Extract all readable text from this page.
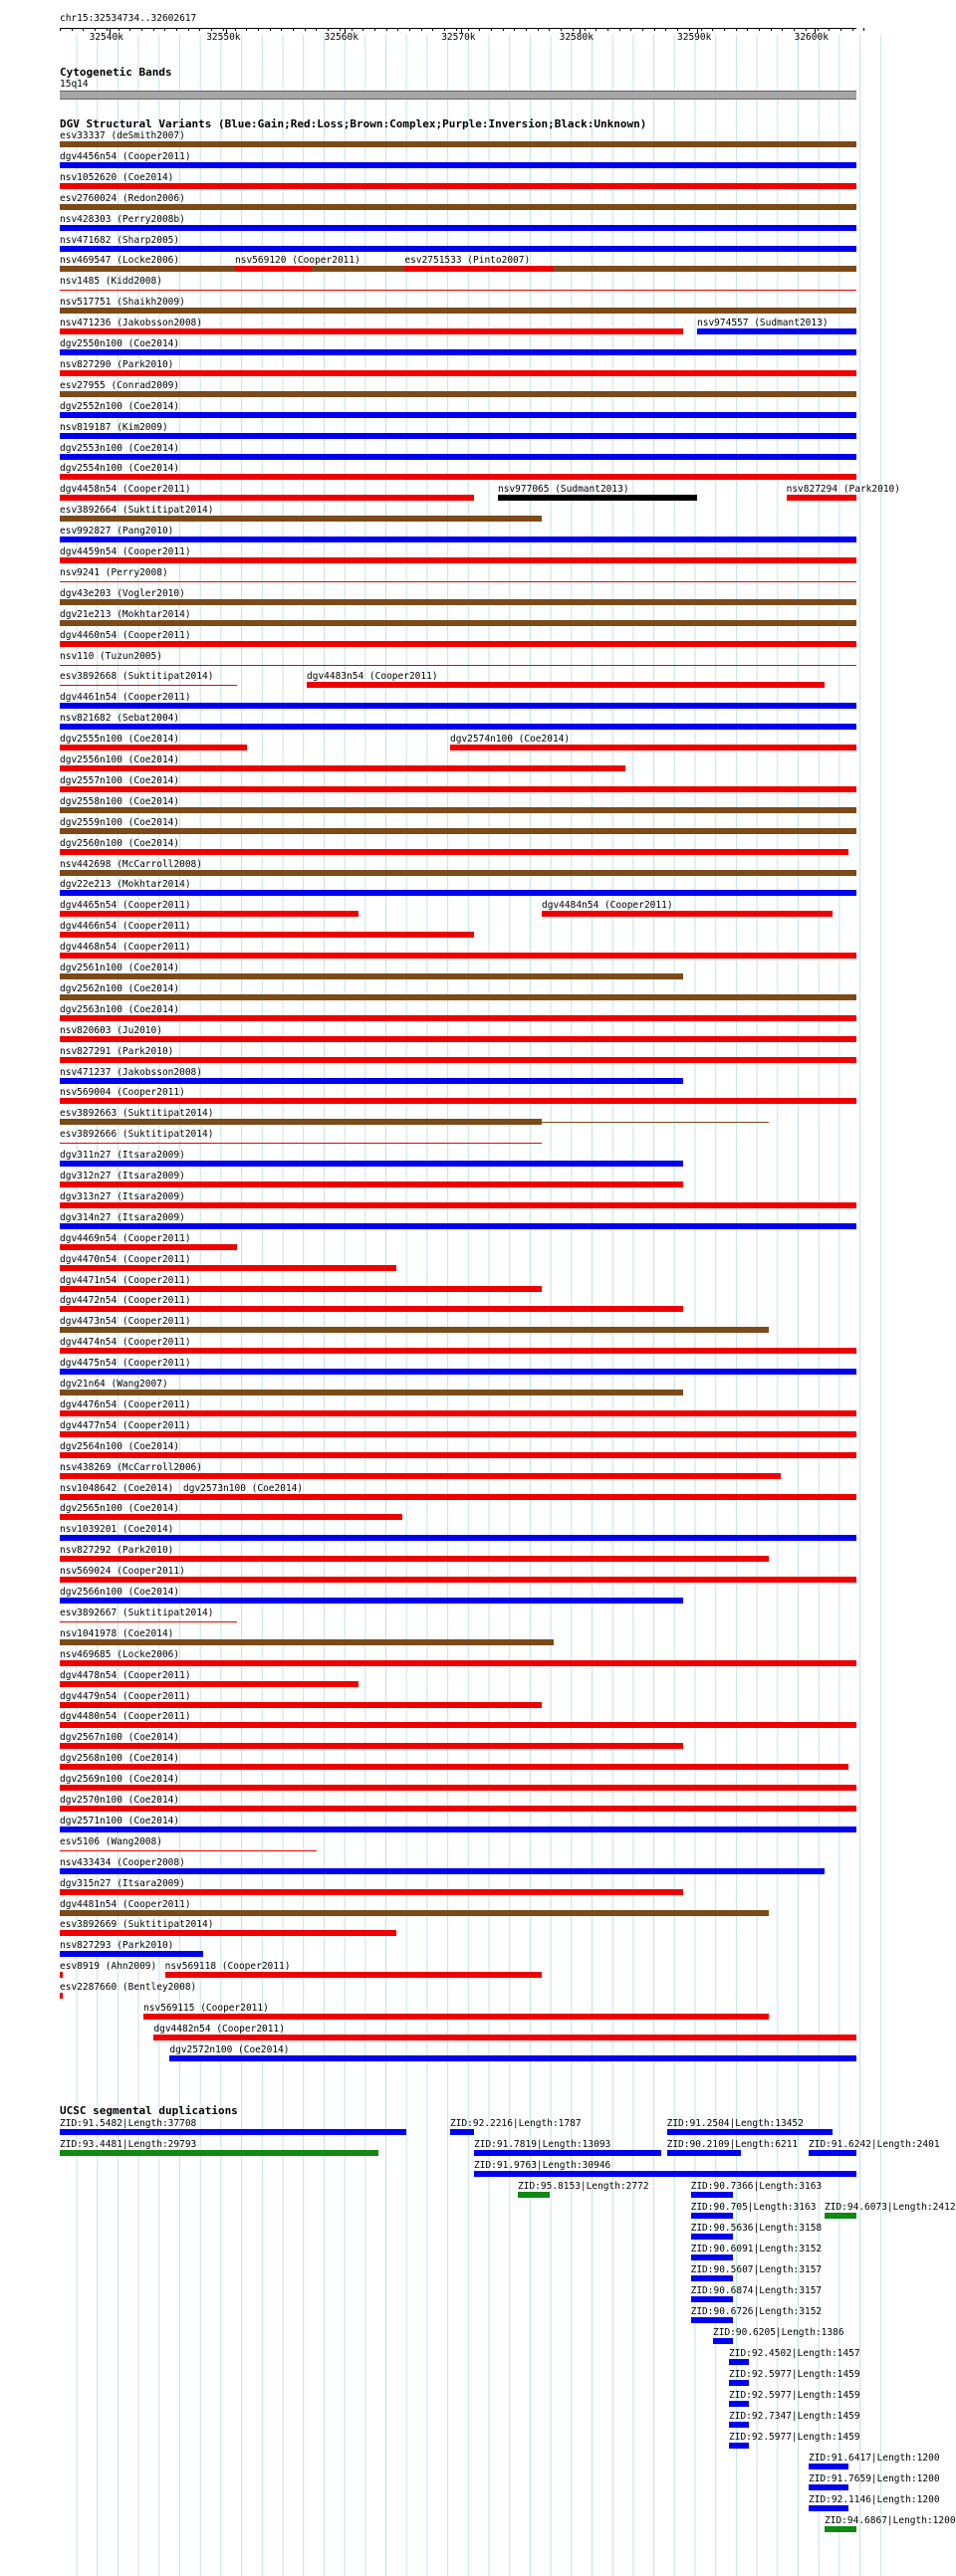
chr15:32534734..32602617
32540k	32550k	32560k	32570k	32580k	32590k	32600k
Cytogenetic Bands
15q14
DGV Structural Variants (Blue:Gain;Red:Loss;Brown:Complex;Purple:Inversion;Black:Unknown)
esv33337 (deSmith2007)
dgv4456n54 (Cooper2011)
nsv1052620 (Coe2014)
esv2760024 (Redon2006)
nsv428303 (Perry2008b)
nsv471682 (Sharp2005)
nsv469547 (Locke2006)	nsv569120 (Cooper2011)	esv2751533 (Pinto2007)
nsv1485 (Kidd2008)
nsv517751 (Shaikh2009)
nsv471236 (Jakobsson2008)	nsv974557 (Sudmant2013)
dgv2550n100 (Coe2014)
nsv827290 (Park2010)
esv27955 (Conrad2009)
dgv2552n100 (Coe2014)
nsv819187 (Kim2009)
dgv2553n100 (Coe2014)
dgv2554n100 (Coe2014)
dgv4458n54 (Cooper2011)	nsv977065 (Sudmant2013)	nsv827294 (Park2010)
esv3892664 (Suktitipat2014)
esv992827 (Pang2010)
dgv4459n54 (Cooper2011)
nsv9241 (Perry2008)
dgv43e203 (Vogler2010)
dgv21e213 (Mokhtar2014)
dgv4460n54 (Cooper2011)
nsv110 (Tuzun2005)
esv3892668 (Suktitipat2014)	dgv4483n54 (Cooper2011)
dgv4461n54 (Cooper2011)
nsv821682 (Sebat2004)
dgv2555n100 (Coe2014)	dgv2574n100 (Coe2014)
dgv2556n100 (Coe2014)
dgv2557n100 (Coe2014)
dgv2558n100 (Coe2014)
dgv2559n100 (Coe2014)
dgv2560n100 (Coe2014)
nsv442698 (McCarroll2008)
dgv22e213 (Mokhtar2014)
dgv4465n54 (Cooper2011)	dgv4484n54 (Cooper2011)
dgv4466n54 (Cooper2011)
dgv4468n54 (Cooper2011)
dgv2561n100 (Coe2014)
dgv2562n100 (Coe2014)
dgv2563n100 (Coe2014)
nsv820603 (Ju2010)
nsv827291 (Park2010)
nsv471237 (Jakobsson2008)
nsv569004 (Cooper2011)
esv3892663 (Suktitipat2014)
esv3892666 (Suktitipat2014)
dgv311n27 (Itsara2009)
dgv312n27 (Itsara2009)
dgv313n27 (Itsara2009)
dgv314n27 (Itsara2009)
dgv4469n54 (Cooper2011)
dgv4470n54 (Cooper2011)
dgv4471n54 (Cooper2011)
dgv4472n54 (Cooper2011)
dgv4473n54 (Cooper2011)
dgv4474n54 (Cooper2011)
dgv4475n54 (Cooper2011)
dgv21n64 (Wang2007)
dgv4476n54 (Cooper2011)
dgv4477n54 (Cooper2011)
dgv2564n100 (Coe2014)
nsv438269 (McCarroll2006)
nsv1048642 (Coe2014) dgv2573n100 (Coe2014)
dgv2565n100 (Coe2014)
nsv1039201 (Coe2014)
nsv827292 (Park2010)
nsv569024 (Cooper2011)
dgv2566n100 (Coe2014)
esv3892667 (Suktitipat2014)
nsv1041978 (Coe2014)
nsv469685 (Locke2006)
dgv4478n54 (Cooper2011)
dgv4479n54 (Cooper2011)
dgv4480n54 (Cooper2011)
dgv2567n100 (Coe2014)
dgv2568n100 (Coe2014)
dgv2569n100 (Coe2014)
dgv2570n100 (Coe2014)
dgv2571n100 (Coe2014)
esv5106 (Wang2008)
nsv433434 (Cooper2008)
dgv315n27 (Itsara2009)
dgv4481n54 (Cooper2011)
esv3892669 (Suktitipat2014)
nsv827293 (Park2010)
esv8919 (Ahn2009) nsv569118 (Cooper2011)
esv2287660 (Bentley2008)
nsv569115 (Cooper2011)
dgv4482n54 (Cooper2011)
dgv2572n100 (Coe2014)
UCSC segmental duplications
ZID:91.5482|Length:37708
ZID:93.4481|Length:29793
ZID:92.2216|Length:1787
ZID:91.7819|Length:13093
ZID:91.9763|Length:30946
ZID:95.8153|Length:2772
ZID:91.2504|Length:13452
ZID:90.2109|Length:6211 ZID:91.6242|Length:2401
ZID:90.7366|Length:3163
ZID:90.705|Length:3163 ZID:94.6073|Length:2412
ZID:90.5636|Length:3158
ZID:90.6091|Length:3152
ZID:90.5607|Length:3157
ZID:90.6874|Length:3157
ZID:90.6726|Length:3152
ZID:90.6205|Length:1386
ZID:92.4502|Length:1457
ZID:92.5977|Length:1459
ZID:92.5977|Length:1459
ZID:92.7347|Length:1459
ZID:92.5977|Length:1459
ZID:91.6417|Length:1200
ZID:91.7659|Length:1200
ZID:92.1146|Length:1200
ZID:94.6867|Length:1200
